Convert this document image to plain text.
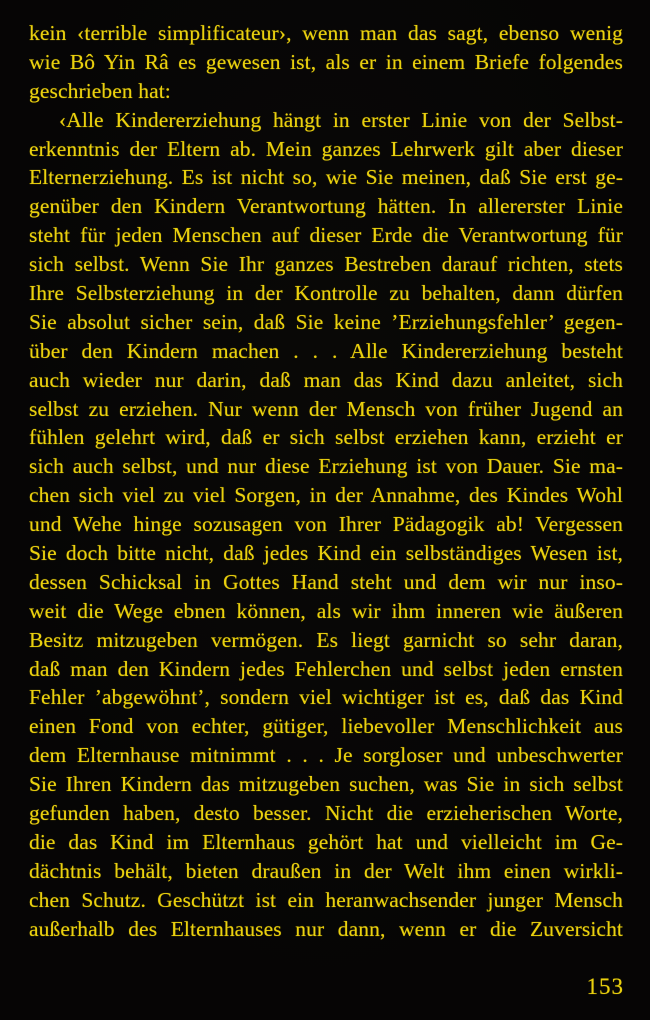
kein ‹terrible simplificateur›, wenn man das sagt, ebenso wenig
wie Bô Yin Râ es gewesen ist, als er in einem Briefe folgendes
geschrieben hat:
‹Alle Kindererziehung hängt in erster Linie von der Selbst-
erkenntnis der Eltern ab. Mein ganzes Lehrwerk gilt aber dieser
Elternerziehung. Es ist nicht so, wie Sie meinen, daß Sie erst ge-
genüber den Kindern Verantwortung hätten. In allererster Linie
steht für jeden Menschen auf dieser Erde die Verantwortung für
sich selbst. Wenn Sie Ihr ganzes Bestreben darauf richten, stets
Ihre Selbsterziehung in der Kontrolle zu behalten, dann dürfen
Sie absolut sicher sein, daß Sie keine ’Erziehungsfehler’ gegen-
über den Kindern machen . . . Alle Kindererziehung besteht
auch wieder nur darin, daß man das Kind dazu anleitet, sich
selbst zu erziehen. Nur wenn der Mensch von früher Jugend an
fühlen gelehrt wird, daß er sich selbst erziehen kann, erzieht er
sich auch selbst, und nur diese Erziehung ist von Dauer. Sie ma-
chen sich viel zu viel Sorgen, in der Annahme, des Kindes Wohl
und Wehe hinge sozusagen von Ihrer Pädagogik ab! Vergessen
Sie doch bitte nicht, daß jedes Kind ein selbständiges Wesen ist,
dessen Schicksal in Gottes Hand steht und dem wir nur inso-
weit die Wege ebnen können, als wir ihm inneren wie äußeren
Besitz mitzugeben vermögen. Es liegt garnicht so sehr daran,
daß man den Kindern jedes Fehlerchen und selbst jeden ernsten
Fehler ’abgewöhnt’, sondern viel wichtiger ist es, daß das Kind
einen Fond von echter, gütiger, liebevoller Menschlichkeit aus
dem Elternhause mitnimmt . . . Je sorgloser und unbeschwerter
Sie Ihren Kindern das mitzugeben suchen, was Sie in sich selbst
gefunden haben, desto besser. Nicht die erzieherischen Worte,
die das Kind im Elternhaus gehört hat und vielleicht im Ge-
dächtnis behält, bieten draußen in der Welt ihm einen wirkli-
chen Schutz. Geschützt ist ein heranwachsender junger Mensch
außerhalb des Elternhauses nur dann, wenn er die Zuversicht
153
